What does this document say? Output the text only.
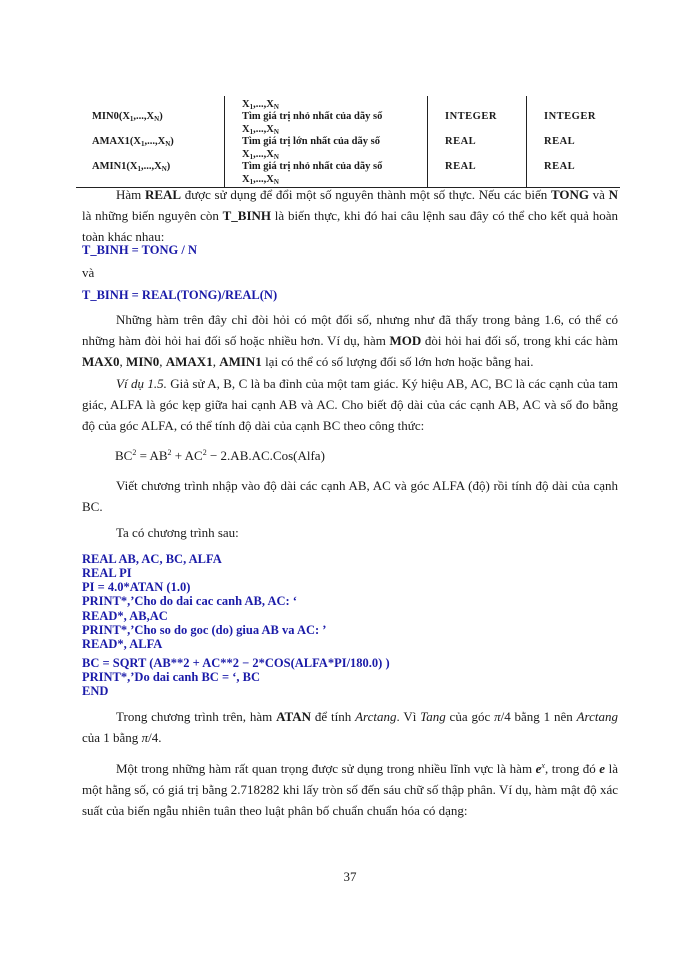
$X_1,...,X_N$
$MIN0(X_1,...,X_N)$	Tìm giá trị nhỏ nhất của dãy số	INTEGER	INTEGER
$X_1,...,X_N$
$AMAX1(X_1,...,X_N)$	Tìm giá trị lớn nhất của dãy số	REAL	REAL
$X_1,...,X_N$
$AMIN1(X_1,...,X_N)$	Tìm giá trị nhỏ nhất của dãy số	REAL	REAL
$X_1,...,X_N$
Hàm REAL được sử dụng để đổi một số nguyên thành một số thực. Nếu các biến TONG và N là những biến nguyên còn T_BINH là biến thực, khi đó hai câu lệnh sau đây có thể cho kết quả hoàn toàn khác nhau:
T_BINH = TONG / N
và
T_BINH = REAL(TONG)/REAL(N)
Những hàm trên đây chỉ đòi hỏi có một đối số, nhưng như đã thấy trong bảng 1.6, có thể có những hàm đòi hỏi hai đối số hoặc nhiều hơn. Ví dụ, hàm MOD đòi hỏi hai đối số, trong khi các hàm MAX0, MIN0, AMAX1, AMIN1 lại có thể có số lượng đối số lớn hơn hoặc bằng hai.
Ví dụ 1.5. Giả sử A, B, C là ba đỉnh của một tam giác. Ký hiệu AB, AC, BC là các cạnh của tam giác, ALFA là góc kẹp giữa hai cạnh AB và AC. Cho biết độ dài của các cạnh AB, AC và số đo bằng độ của góc ALFA, có thể tính độ dài của cạnh BC theo công thức:
$BC^2 = AB^2 + AC^2$ − 2.AB.AC.Cos(Alfa)
Viết chương trình nhập vào độ dài các cạnh AB, AC và góc ALFA (độ) rồi tính độ dài của cạnh BC.
Ta có chương trình sau:
REAL AB, AC, BC, ALFA
REAL PI
PI = 4.0*ATAN (1.0)
PRINT*,’Cho do dai cac canh AB, AC: ‘
READ*, AB,AC
PRINT*,’Cho so do goc (do) giua AB va AC: ’
READ*, ALFA
BC = SQRT (AB**2 + AC**2 − 2*COS(ALFA*PI/180.0) )
PRINT*,’Do dai canh BC = ‘, BC
END
Trong chương trình trên, hàm ATAN để tính Arctang. Vì Tang của góc π/4 bằng 1 nên Arctang của 1 bằng π/4.
Một trong những hàm rất quan trọng được sử dụng trong nhiều lĩnh vực là hàm $e^x$, trong đó e là một hằng số, có giá trị bằng 2.718282 khi lấy tròn số đến sáu chữ số thập phân. Ví dụ, hàm mật độ xác suất của biến ngẫu nhiên tuân theo luật phân bố chuẩn chuẩn hóa có dạng:
37
